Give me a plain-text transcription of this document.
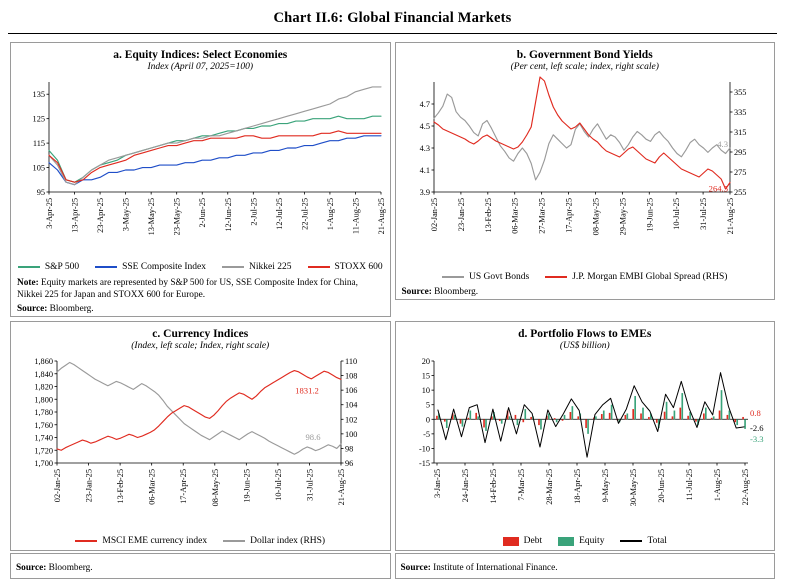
Chart II.6: Global Financial Markets
a. Equity Indices: Select Economies
Index (April 07, 2025=100)
95
105
115
125
135
3-Apr-25 13-Apr-25 23-Apr-25 3-May-25 13-May-25 23-May-25 2-Jun-25 12-Jun-25 2-Jul-25 12-Jul-25 22-Jul-25 1-Aug-25 11-Aug-25 21-Aug-25
S&P 500	SSE Composite Index	Nikkei 225	STOXX 600
Note: Equity markets are represented by S&P 500 for US, SSE Composite Index for China, Nikkei 225 for Japan and STOXX 600 for Europe.
Source: Bloomberg.
b. Government Bond Yields
(Per cent, left scale; index, right scale)
3.9
4.1
4.3
4.5
4.7
255
275
295
315
335
355
4.3
264.5
02-Jan-25 23-Jan-25 13-Feb-25 06-Mar-25 27-Mar-25 17-Apr-25 08-May-25 29-May-25 19-Jun-25 10-Jul-25 31-Jul-25 21-Aug-25
US Govt Bonds	J.P. Morgan EMBI Global Spread (RHS)
Source: Bloomberg.
c. Currency Indices
(Index, left scale; Index, right scale)
1,700
1,720
1,740
1,760
1,780
1,800
1,820
1,840
1,860
96
98
100
102
104
106
108
110
1831.2
98.6
02-Jan-25	23-Jan-25	13-Feb-25	06-Mar-25	17-Apr-25	08-May-25	19-Jun-25	10-Jul-25	31-Jul-25	21-Aug-25
MSCI EME currency index	Dollar index (RHS)
Source: Bloomberg.
d. Portfolio Flows to EMEs
(US$ billion)
-15
-10
-5
0
5
10
15
20
0.8
-2.6
-3.3
3-Jan-25 24-Jan-25 14-Feb-25 7-Mar-25 28-Mar-25 18-Apr-25 9-May-25 30-May-25 20-Jun-25 11-Jul-25 1-Aug-25 22-Aug-25
Debt	Equity	Total
Source: Institute of International Finance.
